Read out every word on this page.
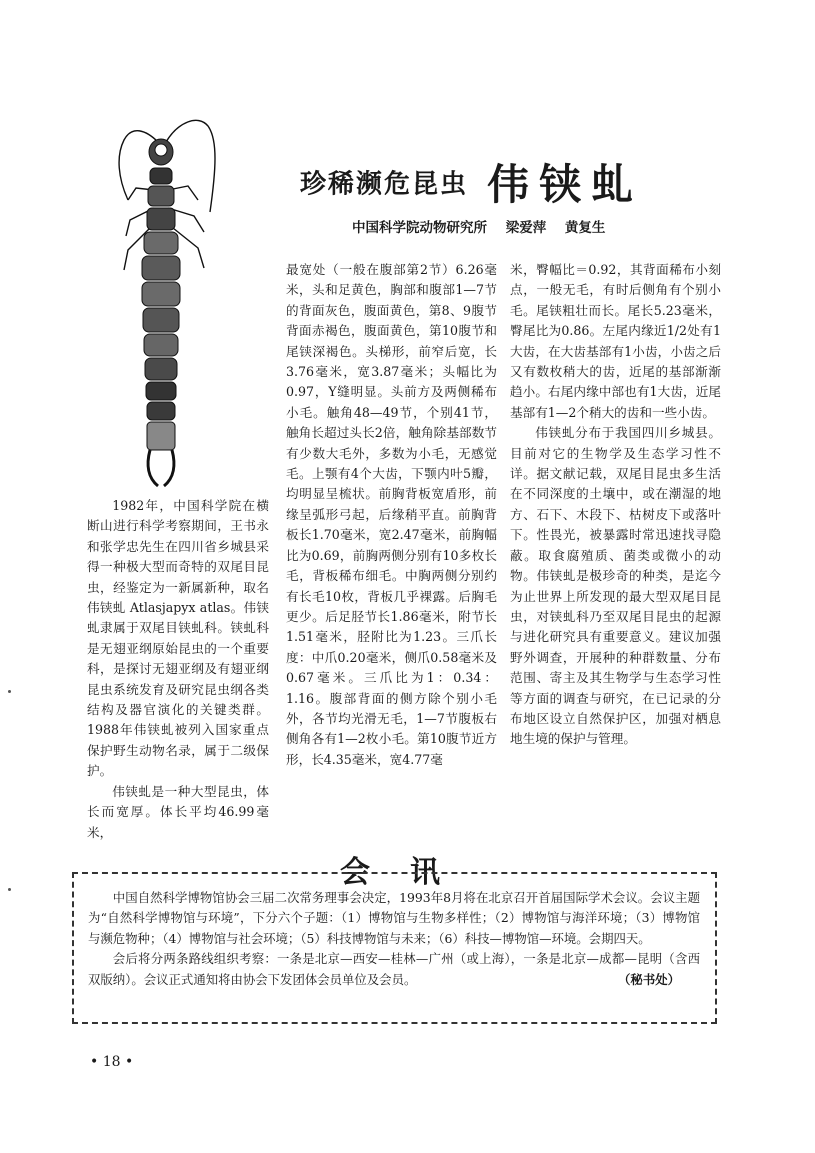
珍稀濒危昆虫 伟铗虬
中国科学院动物研究所 梁爱萍 黄复生

1982年，中国科学院在横断山进行科学考察期间，王书永和张学忠先生在四川省乡城县采得一种极大型而奇特的双尾目昆虫，经鉴定为一新属新种，取名伟铗虬 Atlasjapyx atlas。伟铗虬隶属于双尾目铗虬科。铗虬科是无翅亚纲原始昆虫的一个重要科，是探讨无翅亚纲及有翅亚纲昆虫系统发育及研究昆虫纲各类结构及器官演化的关键类群。1988年伟铗虬被列入国家重点保护野生动物名录，属于二级保护。

伟铗虬是一种大型昆虫，体长而宽厚。体长平均46.99毫米，

最宽处（一般在腹部第2节）6.26毫米，头和足黄色，胸部和腹部1—7节的背面灰色，腹面黄色，第8、9腹节背面赤褐色，腹面黄色，第10腹节和尾铗深褐色。头梯形，前窄后宽，长3.76毫米，宽3.87毫米；头幅比为0.97，Y缝明显。头前方及两侧稀布小毛。触角48—49节，个别41节，触角长超过头长2倍，触角除基部数节有少数大毛外，多数为小毛，无感觉毛。上颚有4个大齿，下颚内叶5瓣，均明显呈梳状。前胸背板宽盾形，前缘呈弧形弓起，后缘稍平直。前胸背板长1.70毫米，宽2.47毫米，前胸幅比为0.69，前胸两侧分别有10多枚长毛，背板稀布细毛。中胸两侧分别约有长毛10枚，背板几乎裸露。后胸毛更少。后足胫节长1.86毫米，附节长1.51毫米，胫附比为1.23。三爪长度：中爪0.20毫米，侧爪0.58毫米及0.67毫米。三爪比为1：0.34：1.16。腹部背面的侧方除个别小毛外，各节均光滑无毛，1—7节腹板右侧角各有1—2枚小毛。第10腹节近方形，长4.35毫米，宽4.77毫

米，臀幅比＝0.92，其背面稀布小刻点，一般无毛，有时后侧角有个别小毛。尾铗粗壮而长。尾长5.23毫米，臀尾比为0.86。左尾内缘近1/2处有1大齿，在大齿基部有1小齿，小齿之后又有数枚稍大的齿，近尾的基部渐渐趋小。右尾内缘中部也有1大齿，近尾基部有1—2个稍大的齿和一些小齿。

伟铗虬分布于我国四川乡城县。目前对它的生物学及生态学习性不详。据文献记载，双尾目昆虫多生活在不同深度的土壤中，或在潮湿的地方、石下、木段下、枯树皮下或落叶下。性畏光，被暴露时常迅速找寻隐蔽。取食腐殖质、菌类或微小的动物。伟铗虬是极珍奇的种类，是迄今为止世界上所发现的最大型双尾目昆虫，对铗虬科乃至双尾目昆虫的起源与进化研究具有重要意义。建议加强野外调查，开展种的种群数量、分布范围、寄主及其生物学与生态学习性等方面的调查与研究，在已记录的分布地区设立自然保护区，加强对栖息地生境的保护与管理。

会讯

中国自然科学博物馆协会三届二次常务理事会决定，1993年8月将在北京召开首届国际学术会议。会议主题为“自然科学博物馆与环境”，下分六个子题：（1）博物馆与生物多样性；（2）博物馆与海洋环境；（3）博物馆与濒危物种；（4）博物馆与社会环境；（5）科技博物馆与未来；（6）科技—博物馆—环境。会期四天。

会后将分两条路线组织考察：一条是北京—西安—桂林—广州（或上海），一条是北京—成都—昆明（含西双版纳）。会议正式通知将由协会下发团体会员单位及会员。	（秘书处）

• 18 •
